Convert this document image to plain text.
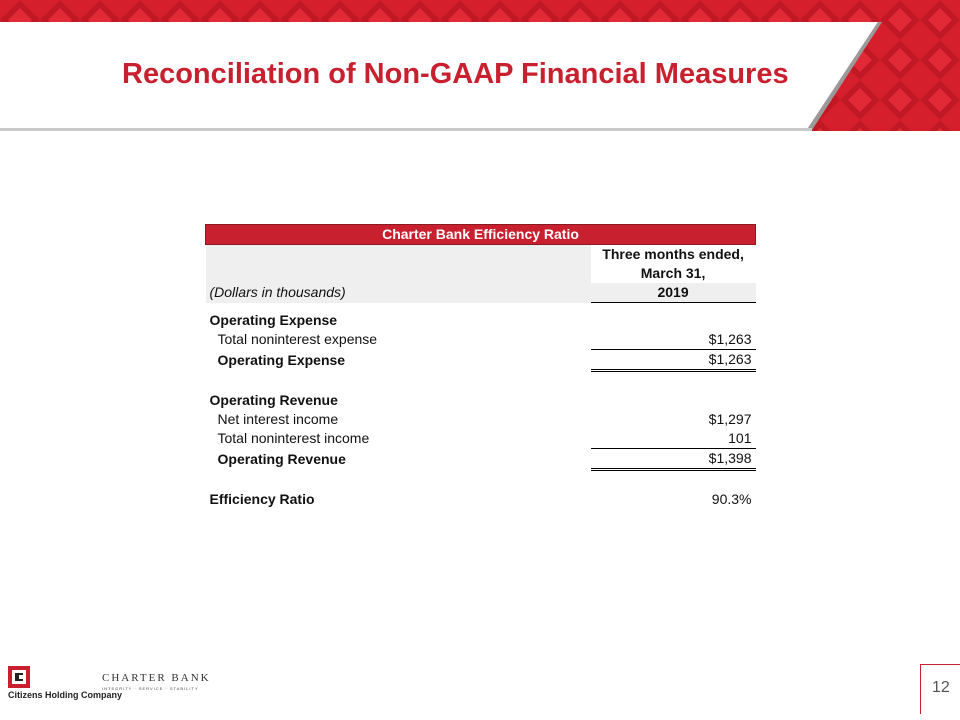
Reconciliation of Non-GAAP Financial Measures
Charter Bank Efficiency Ratio	
	Three months ended,
	March 31,
(Dollars in thousands)	2019

Operating Expense	
Total noninterest expense	$1,263
Operating Expense	$1,263

Operating Revenue	
Net interest income	$1,297
Total noninterest income	101
Operating Revenue	$1,398

Efficiency Ratio	90.3%
Citizens Holding Company
CHARTER BANK
INTEGRITY · SERVICE · STABILITY	12
